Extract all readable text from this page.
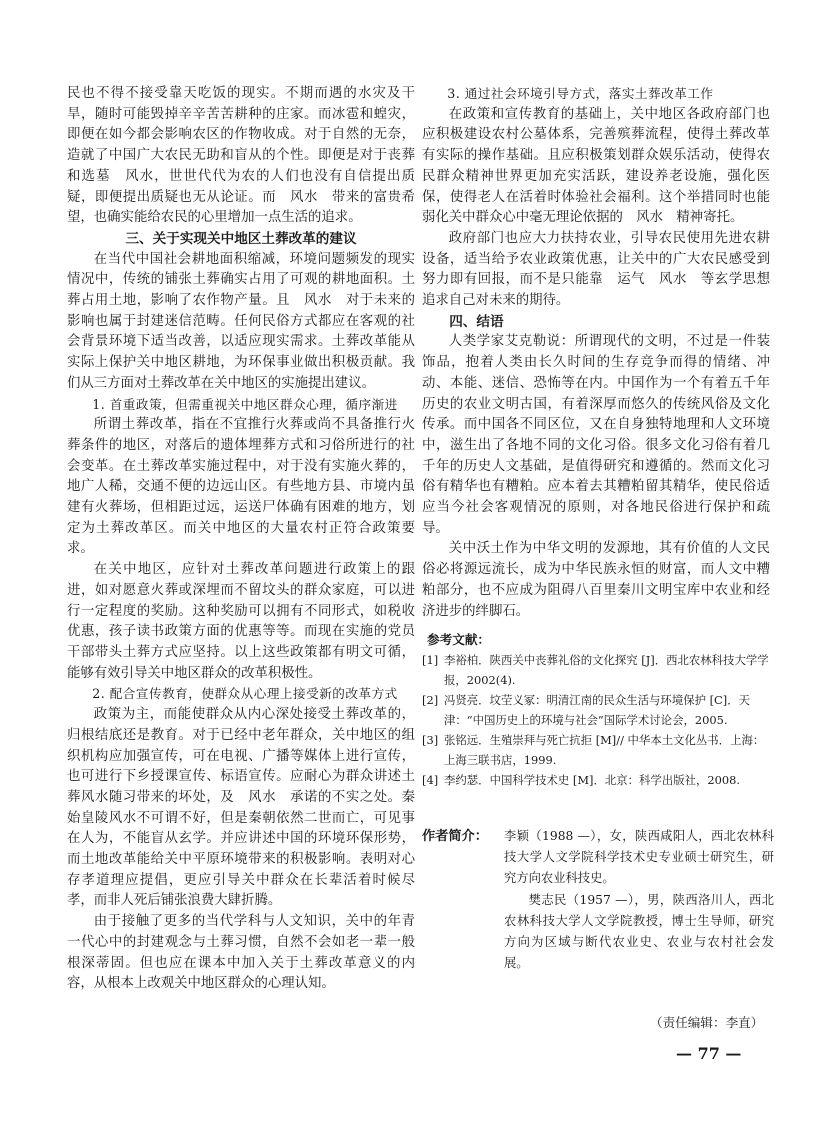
民也不得不接受靠天吃饭的现实。不期而遇的水灾及干旱，随时可能毁掉辛辛苦苦耕种的庄家。而冰雹和蝗灾，即便在如今都会影响农区的作物收成。对于自然的无奈，造就了中国广大农民无助和盲从的个性。即便是对于丧葬和选墓　风水，世世代代为农的人们也没有自信提出质疑，即便提出质疑也无从论证。而　风水　带来的富贵希望，也确实能给农民的心里增加一点生活的追求。

三、关于实现关中地区土葬改革的建议

在当代中国社会耕地面积缩减，环境问题频发的现实情况中，传统的铺张土葬确实占用了可观的耕地面积。土葬占用土地，影响了农作物产量。且　风水　对于未来的影响也属于封建迷信范畴。任何民俗方式都应在客观的社会背景环境下适当改善，以适应现实需求。土葬改革能从实际上保护关中地区耕地，为环保事业做出积极贡献。我们从三方面对土葬改革在关中地区的实施提出建议。

1. 首重政策，但需重视关中地区群众心理，循序渐进

所谓土葬改革，指在不宜推行火葬或尚不具备推行火葬条件的地区，对落后的遗体埋葬方式和习俗所进行的社会变革。在土葬改革实施过程中，对于没有实施火葬的，地广人稀，交通不便的边远山区。有些地方县、市境内虽建有火葬场，但相距过远，运送尸体确有困难的地方，划定为土葬改革区。而关中地区的大量农村正符合政策要求。

在关中地区，应针对土葬改革问题进行政策上的跟进，如对愿意火葬或深埋而不留坟头的群众家庭，可以进行一定程度的奖励。这种奖励可以拥有不同形式，如税收优惠，孩子读书政策方面的优惠等等。而现在实施的党员干部带头土葬方式应坚持。以上这些政策都有明文可循，能够有效引导关中地区群众的改革积极性。

2. 配合宣传教育，使群众从心理上接受新的改革方式

政策为主，而能使群众从内心深处接受土葬改革的，归根结底还是教育。对于已经中老年群众，关中地区的组织机构应加强宣传，可在电视、广播等媒体上进行宣传，也可进行下乡授课宣传、标语宣传。应耐心为群众讲述土葬风水随习带来的坏处，及　风水　承诺的不实之处。秦始皇陵风水不可谓不好，但是秦朝依然二世而亡，可见事在人为，不能盲从玄学。并应讲述中国的环境环保形势，而土地改革能给关中平原环境带来的积极影响。表明对心存孝道理应提倡，更应引导关中群众在长辈活着时候尽孝，而非人死后铺张浪费大肆折腾。

由于接触了更多的当代学科与人文知识，关中的年青一代心中的封建观念与土葬习惯，自然不会如老一辈一般根深蒂固。但也应在课本中加入关于土葬改革意义的内容，从根本上改观关中地区群众的心理认知。

3. 通过社会环境引导方式，落实土葬改革工作

在政策和宣传教育的基础上，关中地区各政府部门也应积极建设农村公墓体系，完善殡葬流程，使得土葬改革有实际的操作基础。且应积极策划群众娱乐活动，使得农民群众精神世界更加充实活跃，建设养老设施，强化医保，使得老人在活着时体验社会福利。这个举措同时也能弱化关中群众心中毫无理论依据的　风水　精神寄托。

政府部门也应大力扶持农业，引导农民使用先进农耕设备，适当给予农业政策优惠，让关中的广大农民感受到　努力即有回报，而不是只能靠　运气　风水　等玄学思想追求自己对未来的期待。

四、结语

人类学家艾克勒说：所谓现代的文明，不过是一件装饰品，抱着人类由长久时间的生存竞争而得的情绪、冲动、本能、迷信、恐怖等在内。中国作为一个有着五千年历史的农业文明古国，有着深厚而悠久的传统风俗及文化传承。而中国各不同区位，又在自身独特地理和人文环境中，滋生出了各地不同的文化习俗。很多文化习俗有着几千年的历史人文基础，是值得研究和遵循的。然而文化习俗有精华也有糟粕。应本着去其糟粕留其精华，使民俗适应当今社会客观情况的原则，对各地民俗进行保护和疏导。

关中沃土作为中华文明的发源地，其有价值的人文民俗必将源远流长，成为中华民族永恒的财富，而人文中糟粕部分，也不应成为阻碍八百里秦川文明宝库中农业和经济进步的绊脚石。

参考文献：
[1] 李裕柏．陕西关中丧葬礼俗的文化探究 [J]．西北农林科技大学学报，2002(4).
[2] 冯贤亮．坟茔义冢：明清江南的民众生活与环境保护 [C]．天津：“中国历史上的环境与社会”国际学术讨论会，2005.
[3] 张铭远．生殖崇拜与死亡抗拒 [M]// 中华本土文化丛书．上海：上海三联书店，1999.
[4] 李约瑟．中国科学技术史 [M]．北京：科学出版社，2008.
作者简介： 李颖（1988 —），女，陕西咸阳人，西北农林科技大学人文学院科学技术史专业硕士研究生，研究方向农业科技史。
樊志民（1957 —），男，陕西洛川人，西北农林科技大学人文学院教授，博士生导师，研究方向为区域与断代农业史、农业与农村社会发展。
（责任编辑：李直）
— 77 —
